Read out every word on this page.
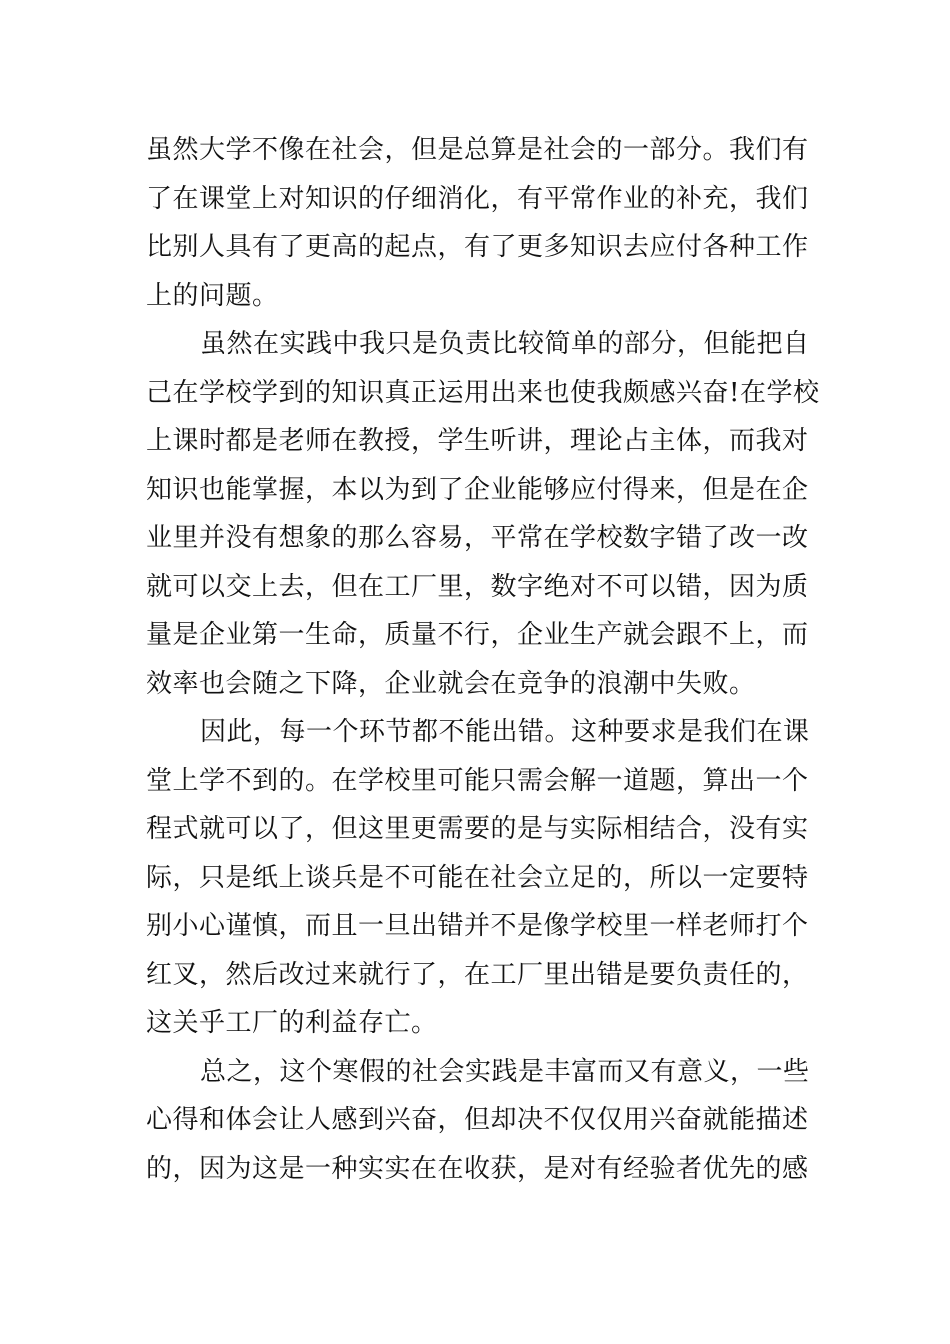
虽然大学不像在社会，但是总算是社会的一部分。我们有
了在课堂上对知识的仔细消化，有平常作业的补充，我们
比别人具有了更高的起点，有了更多知识去应付各种工作
上的问题。
虽然在实践中我只是负责比较简单的部分，但能把自
己在学校学到的知识真正运用出来也使我颇感兴奋!在学校
上课时都是老师在教授，学生听讲，理论占主体，而我对
知识也能掌握，本以为到了企业能够应付得来，但是在企
业里并没有想象的那么容易，平常在学校数字错了改一改
就可以交上去，但在工厂里，数字绝对不可以错，因为质
量是企业第一生命，质量不行，企业生产就会跟不上，而
效率也会随之下降，企业就会在竞争的浪潮中失败。
因此，每一个环节都不能出错。这种要求是我们在课
堂上学不到的。在学校里可能只需会解一道题，算出一个
程式就可以了，但这里更需要的是与实际相结合，没有实
际，只是纸上谈兵是不可能在社会立足的，所以一定要特
别小心谨慎，而且一旦出错并不是像学校里一样老师打个
红叉，然后改过来就行了，在工厂里出错是要负责任的，
这关乎工厂的利益存亡。
总之，这个寒假的社会实践是丰富而又有意义，一些
心得和体会让人感到兴奋，但却决不仅仅用兴奋就能描述
的，因为这是一种实实在在收获，是对有经验者优先的感
